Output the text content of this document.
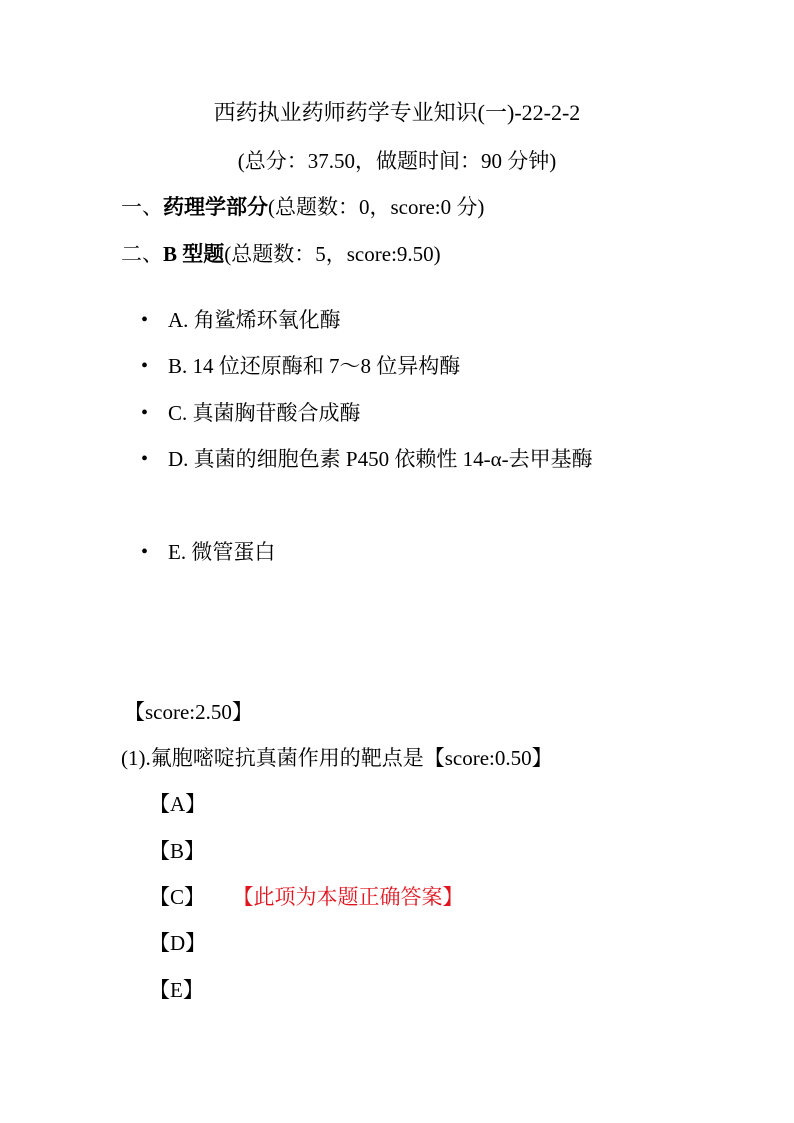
西药执业药师药学专业知识(一)-22-2-2
(总分：37.50，做题时间：90 分钟)
一、药理学部分(总题数：0，score:0 分)
二、B 型题(总题数：5，score:9.50)
• A. 角鲨烯环氧化酶
• B. 14 位还原酶和 7～8 位异构酶
• C. 真菌胸苷酸合成酶
• D. 真菌的细胞色素 P450 依赖性 14-α-去甲基酶
• E. 微管蛋白
【score:2.50】
(1).氟胞嘧啶抗真菌作用的靶点是【score:0.50】
【A】
【B】
【C】 【此项为本题正确答案】
【D】
【E】
